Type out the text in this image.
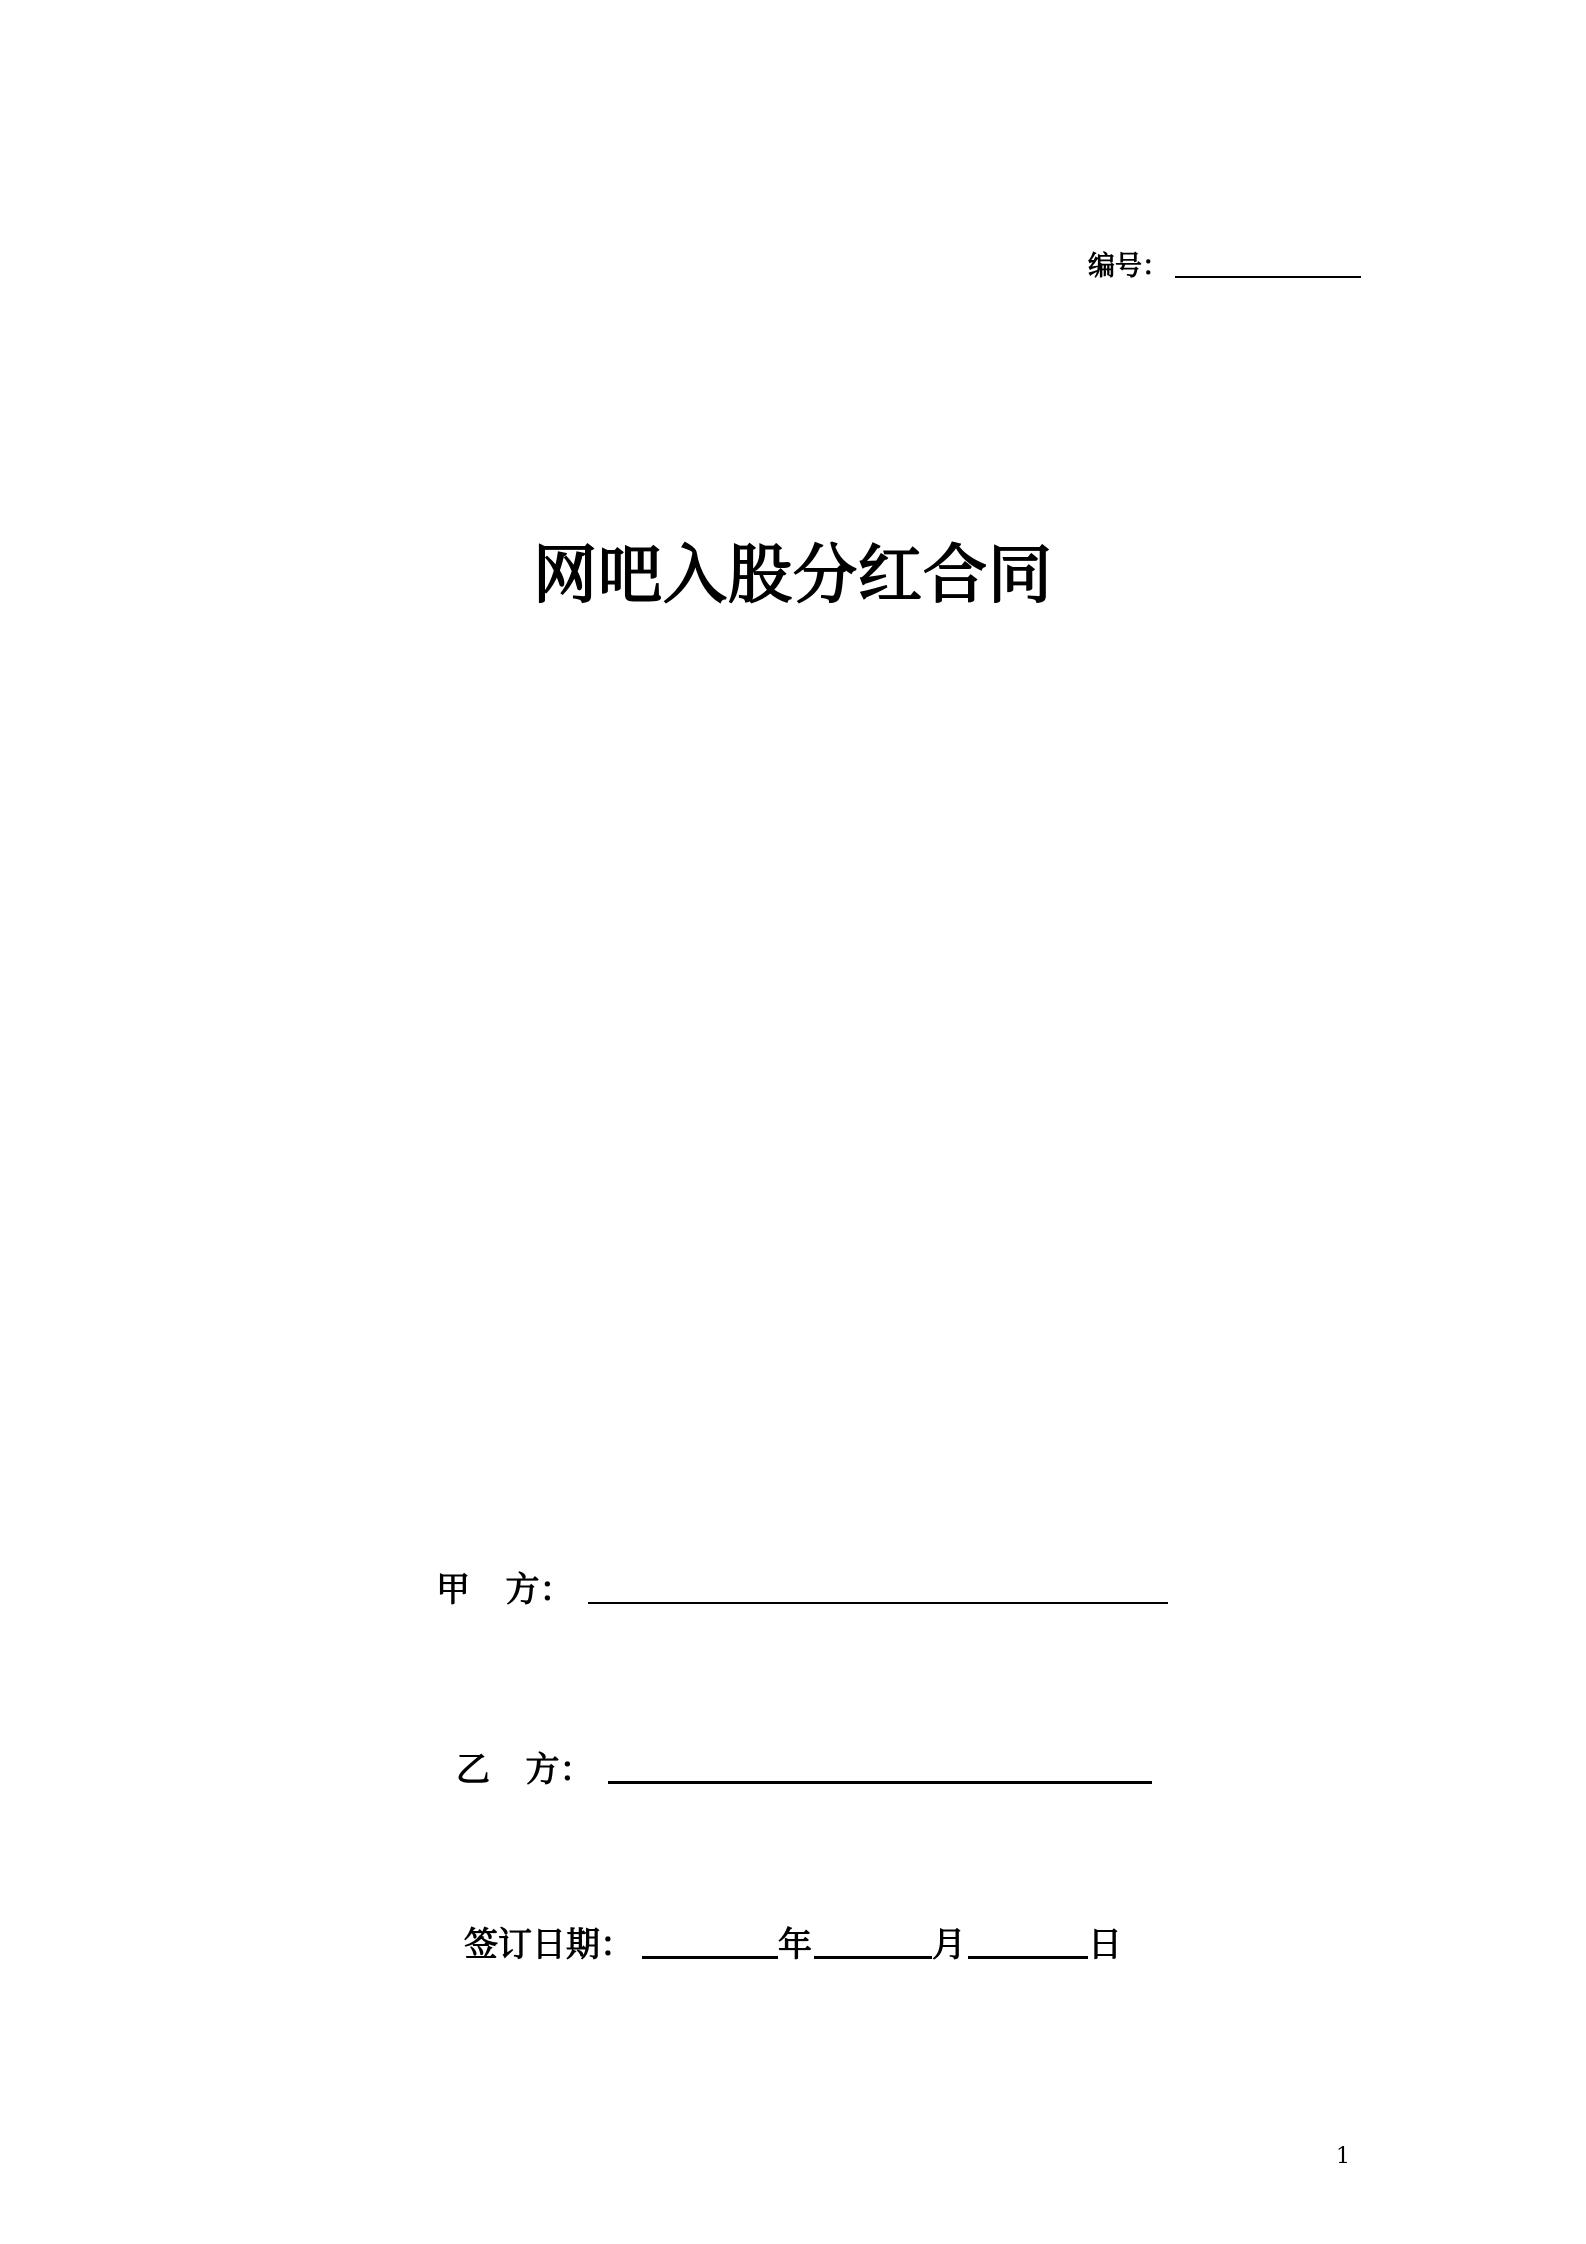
编号：
网吧入股分红合同
甲   方：
乙   方：
签订日期：	年	月	日
1
